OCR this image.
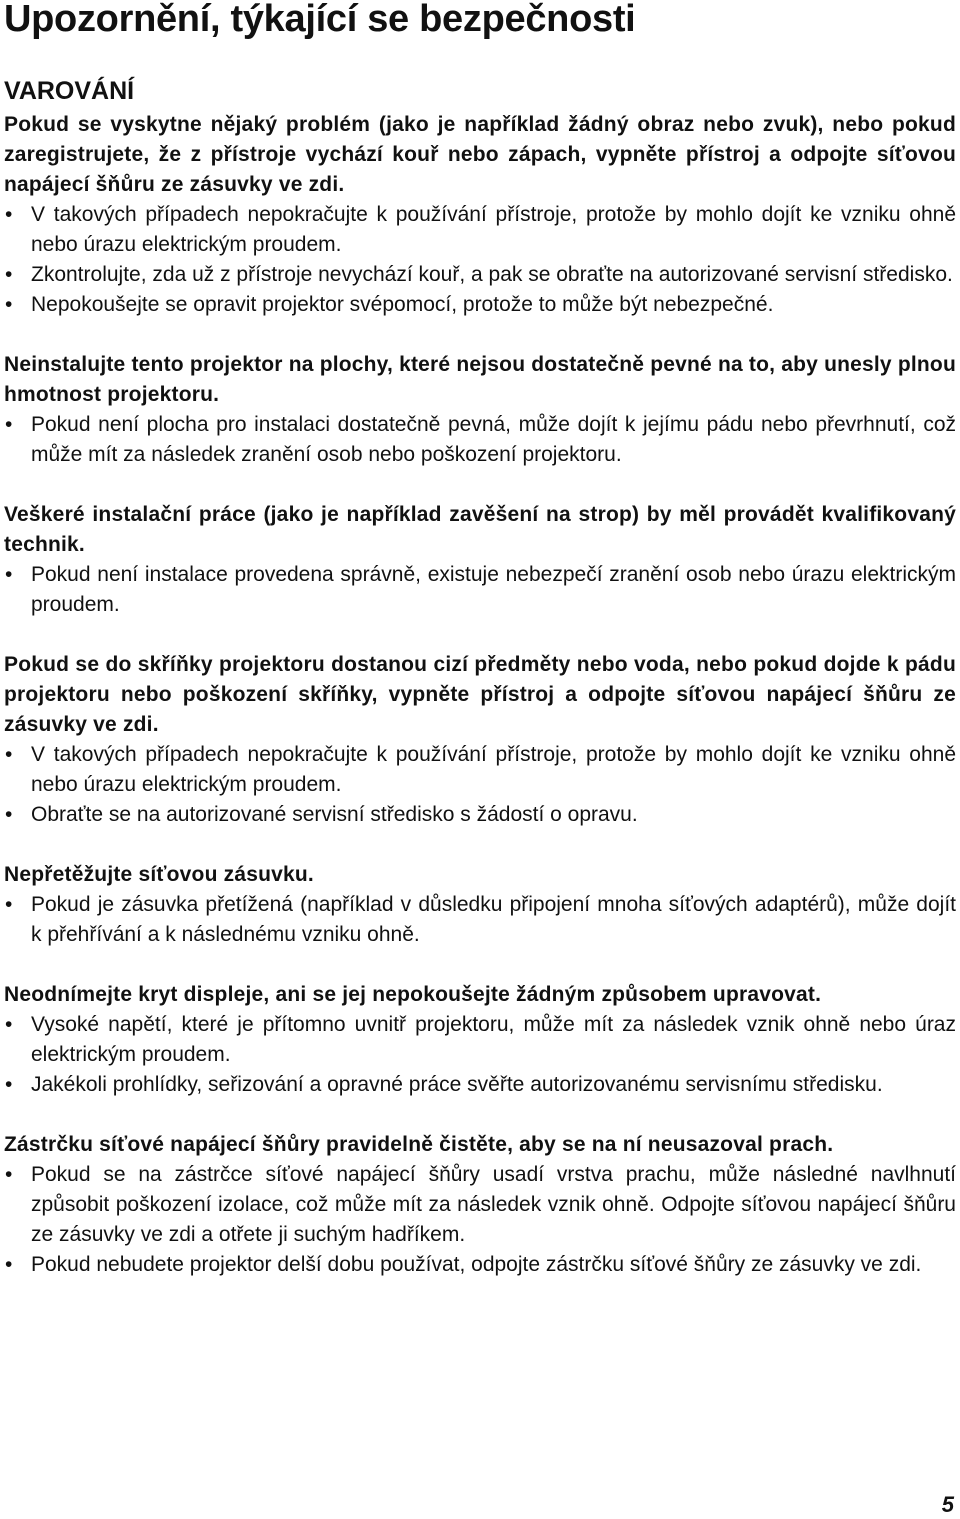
Upozornění, týkající se bezpečnosti
VAROVÁNÍ
Pokud se vyskytne nějaký problém (jako je například žádný obraz nebo zvuk), nebo pokud zaregistrujete, že z přístroje vychází kouř nebo zápach, vypněte přístroj a odpojte síťovou napájecí šňůru ze zásuvky ve zdi.
• V takových případech nepokračujte k používání přístroje, protože by mohlo dojít ke vzniku ohně nebo úrazu elektrickým proudem.
• Zkontrolujte, zda už z přístroje nevychází kouř, a pak se obraťte na autorizované servisní středisko.
• Nepokoušejte se opravit projektor svépomocí, protože to může být nebezpečné.
Neinstalujte tento projektor na plochy, které nejsou dostatečně pevné na to, aby unesly plnou hmotnost projektoru.
• Pokud není plocha pro instalaci dostatečně pevná, může dojít k jejímu pádu nebo převrhnutí, což může mít za následek zranění osob nebo poškození projektoru.
Veškeré instalační práce (jako je například zavěšení na strop) by měl provádět kvalifikovaný technik.
• Pokud není instalace provedena správně, existuje nebezpečí zranění osob nebo úrazu elektrickým proudem.
Pokud se do skříňky projektoru dostanou cizí předměty nebo voda, nebo pokud dojde k pádu projektoru nebo poškození skříňky, vypněte přístroj a odpojte síťovou napájecí šňůru ze zásuvky ve zdi.
• V takových případech nepokračujte k používání přístroje, protože by mohlo dojít ke vzniku ohně nebo úrazu elektrickým proudem.
• Obraťte se na autorizované servisní středisko s žádostí o opravu.
Nepřetěžujte síťovou zásuvku.
• Pokud je zásuvka přetížená (například v důsledku připojení mnoha síťových adaptérů), může dojít k přehřívání a k následnému vzniku ohně.
Neodnímejte kryt displeje, ani se jej nepokoušejte žádným způsobem upravovat.
• Vysoké napětí, které je přítomno uvnitř projektoru, může mít za následek vznik ohně nebo úraz elektrickým proudem.
• Jakékoli prohlídky, seřizování a opravné práce svěřte autorizovanému servisnímu středisku.
Zástrčku síťové napájecí šňůry pravidelně čistěte, aby se na ní neusazoval prach.
• Pokud se na zástrčce síťové napájecí šňůry usadí vrstva prachu, může následné navlhnutí způsobit poškození izolace, což může mít za následek vznik ohně. Odpojte síťovou napájecí šňůru ze zásuvky ve zdi a otřete ji suchým hadříkem.
• Pokud nebudete projektor delší dobu používat, odpojte zástrčku síťové šňůry ze zásuvky ve zdi.
5
